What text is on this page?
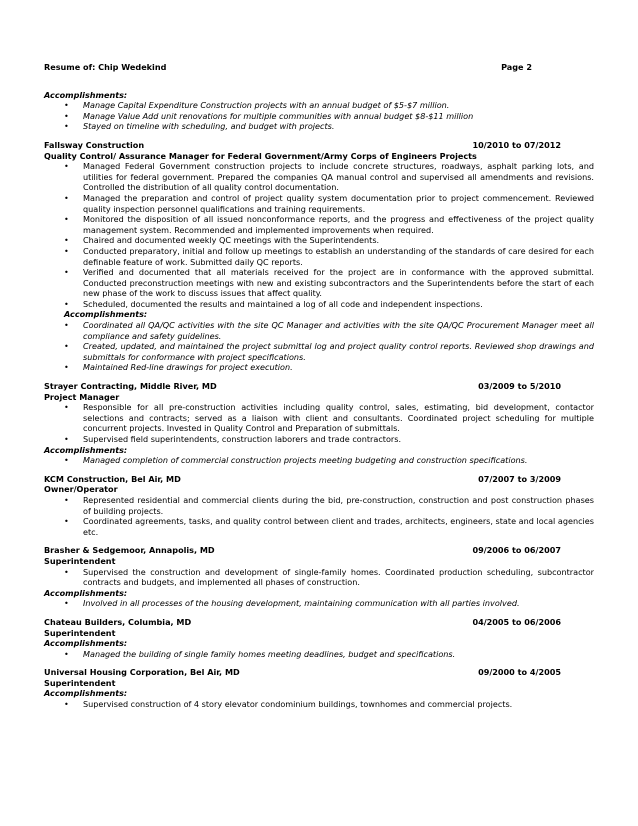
Resume of: Chip Wedekind	Page 2
Accomplishments:
• Manage Capital Expenditure Construction projects with an annual budget of $5-$7 million.
• Manage Value Add unit renovations for multiple communities with annual budget $8-$11 million
• Stayed on timeline with scheduling, and budget with projects.
Fallsway Construction	10/2010 to 07/2012
Quality Control/ Assurance Manager for Federal Government/Army Corps of Engineers Projects
• Managed Federal Government construction projects to include concrete structures, roadways, asphalt parking lots, and utilities for federal government. Prepared the companies QA manual control and supervised all amendments and revisions. Controlled the distribution of all quality control documentation.
• Managed the preparation and control of project quality system documentation prior to project commencement. Reviewed quality inspection personnel qualifications and training requirements.
• Monitored the disposition of all issued nonconformance reports, and the progress and effectiveness of the project quality management system. Recommended and implemented improvements when required.
• Chaired and documented weekly QC meetings with the Superintendents.
• Conducted preparatory, initial and follow up meetings to establish an understanding of the standards of care desired for each definable feature of work. Submitted daily QC reports.
• Verified and documented that all materials received for the project are in conformance with the approved submittal. Conducted preconstruction meetings with new and existing subcontractors and the Superintendents before the start of each new phase of the work to discuss issues that affect quality.
• Scheduled, documented the results and maintained a log of all code and independent inspections.
Accomplishments:
• Coordinated all QA/QC activities with the site QC Manager and activities with the site QA/QC Procurement Manager meet all compliance and safety guidelines.
• Created, updated, and maintained the project submittal log and project quality control reports. Reviewed shop drawings and submittals for conformance with project specifications.
• Maintained Red-line drawings for project execution.
Strayer Contracting, Middle River, MD	03/2009 to 5/2010
Project Manager
• Responsible for all pre-construction activities including quality control, sales, estimating, bid development, contactor selections and contracts; served as a liaison with client and consultants. Coordinated project scheduling for multiple concurrent projects. Invested in Quality Control and Preparation of submittals.
• Supervised field superintendents, construction laborers and trade contractors.
Accomplishments:
• Managed completion of commercial construction projects meeting budgeting and construction specifications.
KCM Construction, Bel Air, MD	07/2007 to 3/2009
Owner/Operator
• Represented residential and commercial clients during the bid, pre-construction, construction and post construction phases of building projects.
• Coordinated agreements, tasks, and quality control between client and trades, architects, engineers, state and local agencies etc.
Brasher & Sedgemoor, Annapolis, MD	09/2006 to 06/2007
Superintendent
• Supervised the construction and development of single-family homes. Coordinated production scheduling, subcontractor contracts and budgets, and implemented all phases of construction.
Accomplishments:
• Involved in all processes of the housing development, maintaining communication with all parties involved.
Chateau Builders, Columbia, MD	04/2005 to 06/2006
Superintendent
Accomplishments:
• Managed the building of single family homes meeting deadlines, budget and specifications.
Universal Housing Corporation, Bel Air, MD	09/2000 to 4/2005
Superintendent
Accomplishments:
• Supervised construction of 4 story elevator condominium buildings, townhomes and commercial projects.
